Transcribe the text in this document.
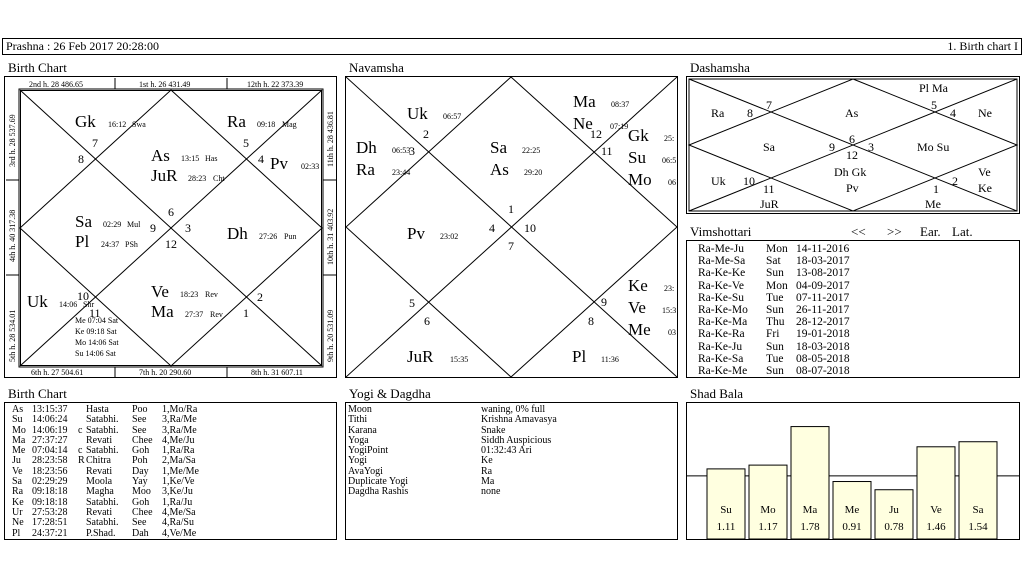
Prashna : 26 Feb 2017 20:28:00	1. Birth chart I
Birth Chart	Navamsha	Dashamsha
2nd h. 28 486.65	1st h. 26 431.49	12th h. 22 373.39
6th h. 27 504.61	7th h. 20 290.60	8th h. 31 607.11
3rd h. 28 537.69
4th h. 40 317.38
5th h. 28 534.01
11th h. 28 436.81
10th h. 31 403.92
9th h. 20 531.09
7
8
6
9 3
12
4
5
10
11
2
1
Gk 16:12 Swa
As 13:15 Has
JuR 28:23 Cht
Ra 09:18 Mag
Pv 02:33
Sa 02:29 Mul
Pl 24:37 PSh
Dh 27:26 Pun
Uk 14:06 Shr
Ve 18:23 Rev
Ma 27:37 Rev
Me 07:04 Sat
Ke 09:18 Sat
Mo 14:06 Sat
Su 14:06 Sat
2
3
12
11
1
4 10
7
5
6
9
8
Uk 06:57
Ma 08:37
Ne 07:19
Dh 06:53
Ra 23:44
Sa 22:25
As 29:20
Gk 25:
Su 06:5
Mo 06
Pv 23:02
Ke 23:
Ve 15:3
Me 03
JuR 15:35	Pl 11:36
7
8
5
4
6
9
12
3
10
11	1
2
Pl Ma
Ra	As	Ne
Sa	Mo Su
Dh Gk
Pv
Uk
JuR	Me
Ve
Ke
Vimshottari	<< >> Ear. Lat.
Ra-Me-Ju	Mon 14-11-2016
Ra-Me-Sa	Sat	18-03-2017
Ra-Ke-Ke	Sun	13-08-2017
Ra-Ke-Ve	Mon 04-09-2017
Ra-Ke-Su	Tue	07-11-2017
Ra-Ke-Mo	Sun	26-11-2017
Ra-Ke-Ma	Thu 28-12-2017
Ra-Ke-Ra	Fri	19-01-2018
Ra-Ke-Ju	Sun	18-03-2018
Ra-Ke-Sa	Tue	08-05-2018
Ra-Ke-Me	Sun	08-07-2018
Birth Chart	Yogi & Dagdha	Shad Bala
As 13:15:37	Hasta	Poo	1,Mo/Ra
Su 14:06:24	Satabhi.	See	3,Ra/Me
Mo 14:06:19	c Satabhi.	See	3,Ra/Me
Ma 27:37:27	Revati	Chee 4,Me/Ju
Me 07:04:14	c Satabhi.	Goh	1,Ra/Ra
Ju	28:23:58	R Chitra	Poh	2,Ma/Sa
Ve 18:23:56	Revati	Day	1,Me/Me
Sa	02:29:29	Moola	Yay	1,Ke/Ve
Ra 09:18:18	Magha	Moo	3,Ke/Ju
Ke 09:18:18	Satabhi.	Goh	1,Ra/Ju
Ur 27:53:28	Revati	Chee 4,Me/Sa
Ne 17:28:51	Satabhi.	See	4,Ra/Su
Pl	24:37:21	P.Shad.	Dah	4,Ve/Me
Moon	waning, 0% full
Tithi	Krishna Amavasya
Karana	Snake
Yoga	Siddh Auspicious
YogiPoint	01:32:43 Ari
Yogi	Ke
AvaYogi	Ra
Duplicate Yogi	Ma
Dagdha Rashis	none
Su
1.11
Mo
1.17
Ma
1.78
Me
0.91
Ju
0.78
Ve
1.46
Sa
1.54
